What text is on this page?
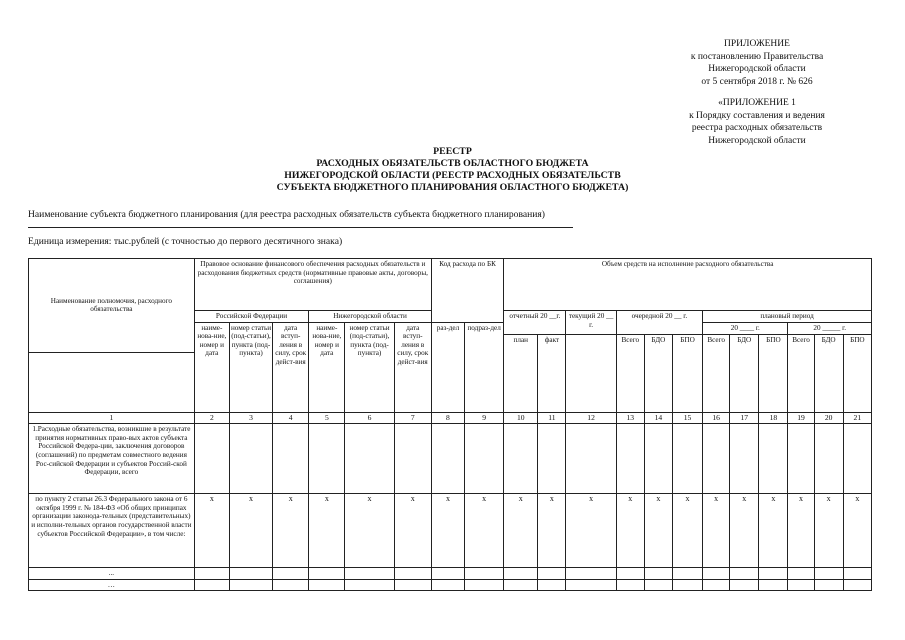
ПРИЛОЖЕНИЕ
к постановлению Правительства
Нижегородской области
от 5 сентября 2018 г. № 626
«ПРИЛОЖЕНИЕ 1
к Порядку составления и ведения
реестра расходных обязательств
Нижегородской области
РЕЕСТР
РАСХОДНЫХ ОБЯЗАТЕЛЬСТВ ОБЛАСТНОГО БЮДЖЕТА
НИЖЕГОРОДСКОЙ ОБЛАСТИ (РЕЕСТР РАСХОДНЫХ ОБЯЗАТЕЛЬСТВ
СУБЪЕКТА БЮДЖЕТНОГО ПЛАНИРОВАНИЯ ОБЛАСТНОГО БЮДЖЕТА)
Наименование субъекта бюджетного планирования (для реестра расходных обязательств субъекта бюджетного планирования)
Единица измерения: тыс.рублей (с точностью до первого десятичного знака)
Наименование полномочия, расходного обязательства	Правовое основание финансового обеспечения расходных обязательств и расходования бюджетных средств (нормативные правовые акты, договоры, соглашения)						Код расхода по БК		Объем средств на исполнение расходного обязательства											
	Российской Федерации			Нижегородской области					отчетный 20 __г.		текущий 20 __ г.	очередной 20 __ г.			плановый период					
	наиме-нова-ние, номер и дата	номер статьи (под-статьи), пункта (под-пункта)	дата вступ-ления в силу, срок дейст-вия	наиме-нова-ние, номер и дата	номер статьи (под-статьи), пункта (под-пункта)	дата вступ-ления в силу, срок дейст-вия	раз-дел	подраз-дел							20 ____ г.			20 _____ г.		
									план	факт		Всего	БДО	БПО	Всего	БДО	БПО	Всего	БДО	БПО

1	2	3	4	5	6	7	8	9	10	11	12	13	14	15	16	17	18	19	20	21
1.Расходные обязательства, возникшие в результате принятия нормативных право-вых актов субъекта Российской Федера-ции, заключения договоров (соглашений) по предметам совместного ведения Рос-сийской Федерации и субъектов Россий-ской Федерации, всего																				
по пункту 2 статьи 26.3 Федерального закона от 6 октября 1999 г. № 184-ФЗ «Об общих принципах организации законода-тельных (представительных) и исполни-тельных органов государственной власти субъектов Российской Федерации», в том числе:	х	х	х	х	х	х	х	х	х	х	х	х	х	х	х	х	х	х	х	х
...																				
…																				
